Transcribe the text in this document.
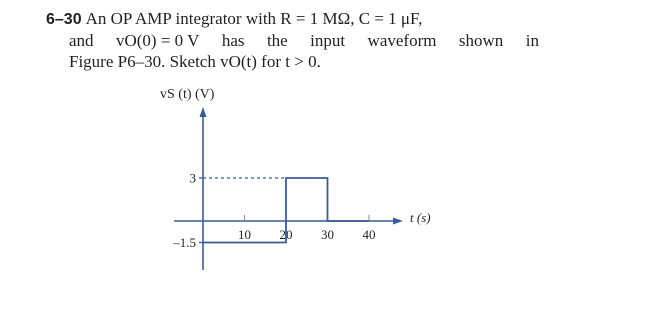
6–30 An OP AMP integrator with R = 1 MΩ, C = 1 μF,
and vO(0) = 0 V has the input waveform shown in
Figure P6–30. Sketch vO(t) for t > 0.
vS (t) (V)
3
–1.5
10 20 30 40
t (s)
